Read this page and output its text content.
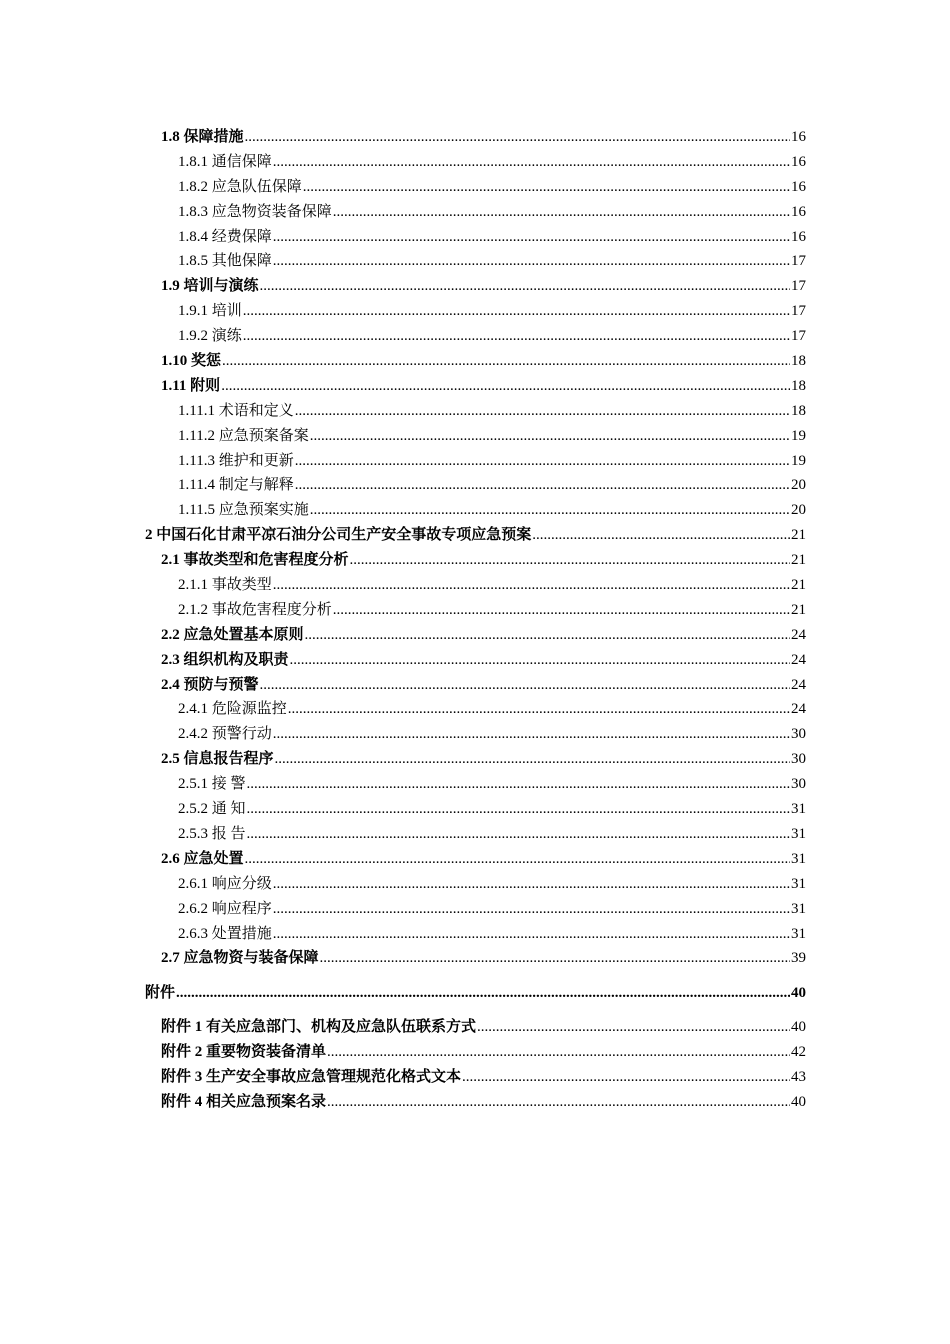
1.8 保障措施 .....	16
1.8.1 通信保障 .....	16
1.8.2 应急队伍保障 .....	16
1.8.3 应急物资装备保障 .....	16
1.8.4 经费保障 .....	16
1.8.5 其他保障 .....	17
1.9 培训与演练 .....	17
1.9.1 培训 .....	17
1.9.2 演练 .....	17
1.10 奖惩 .....	18
1.11 附则 .....	18
1.11.1 术语和定义 .....	18
1.11.2 应急预案备案 .....	19
1.11.3 维护和更新 .....	19
1.11.4 制定与解释 .....	20
1.11.5 应急预案实施 .....	20
2 中国石化甘肃平凉石油分公司生产安全事故专项应急预案 .....	21
2.1 事故类型和危害程度分析 .....	21
2.1.1 事故类型 .....	21
2.1.2 事故危害程度分析 .....	21
2.2 应急处置基本原则 .....	24
2.3 组织机构及职责 .....	24
2.4 预防与预警 .....	24
2.4.1 危险源监控 .....	24
2.4.2 预警行动 .....	30
2.5 信息报告程序 .....	30
2.5.1 接 警 .....	30
2.5.2 通 知 .....	31
2.5.3 报 告 .....	31
2.6 应急处置 .....	31
2.6.1 响应分级 .....	31
2.6.2 响应程序 .....	31
2.6.3 处置措施 .....	31
2.7 应急物资与装备保障 .....	39
附件 .....	40
附件 1 有关应急部门、机构及应急队伍联系方式 .....	40
附件 2 重要物资装备清单 .....	42
附件 3 生产安全事故应急管理规范化格式文本 .....	43
附件 4 相关应急预案名录 .....	40
